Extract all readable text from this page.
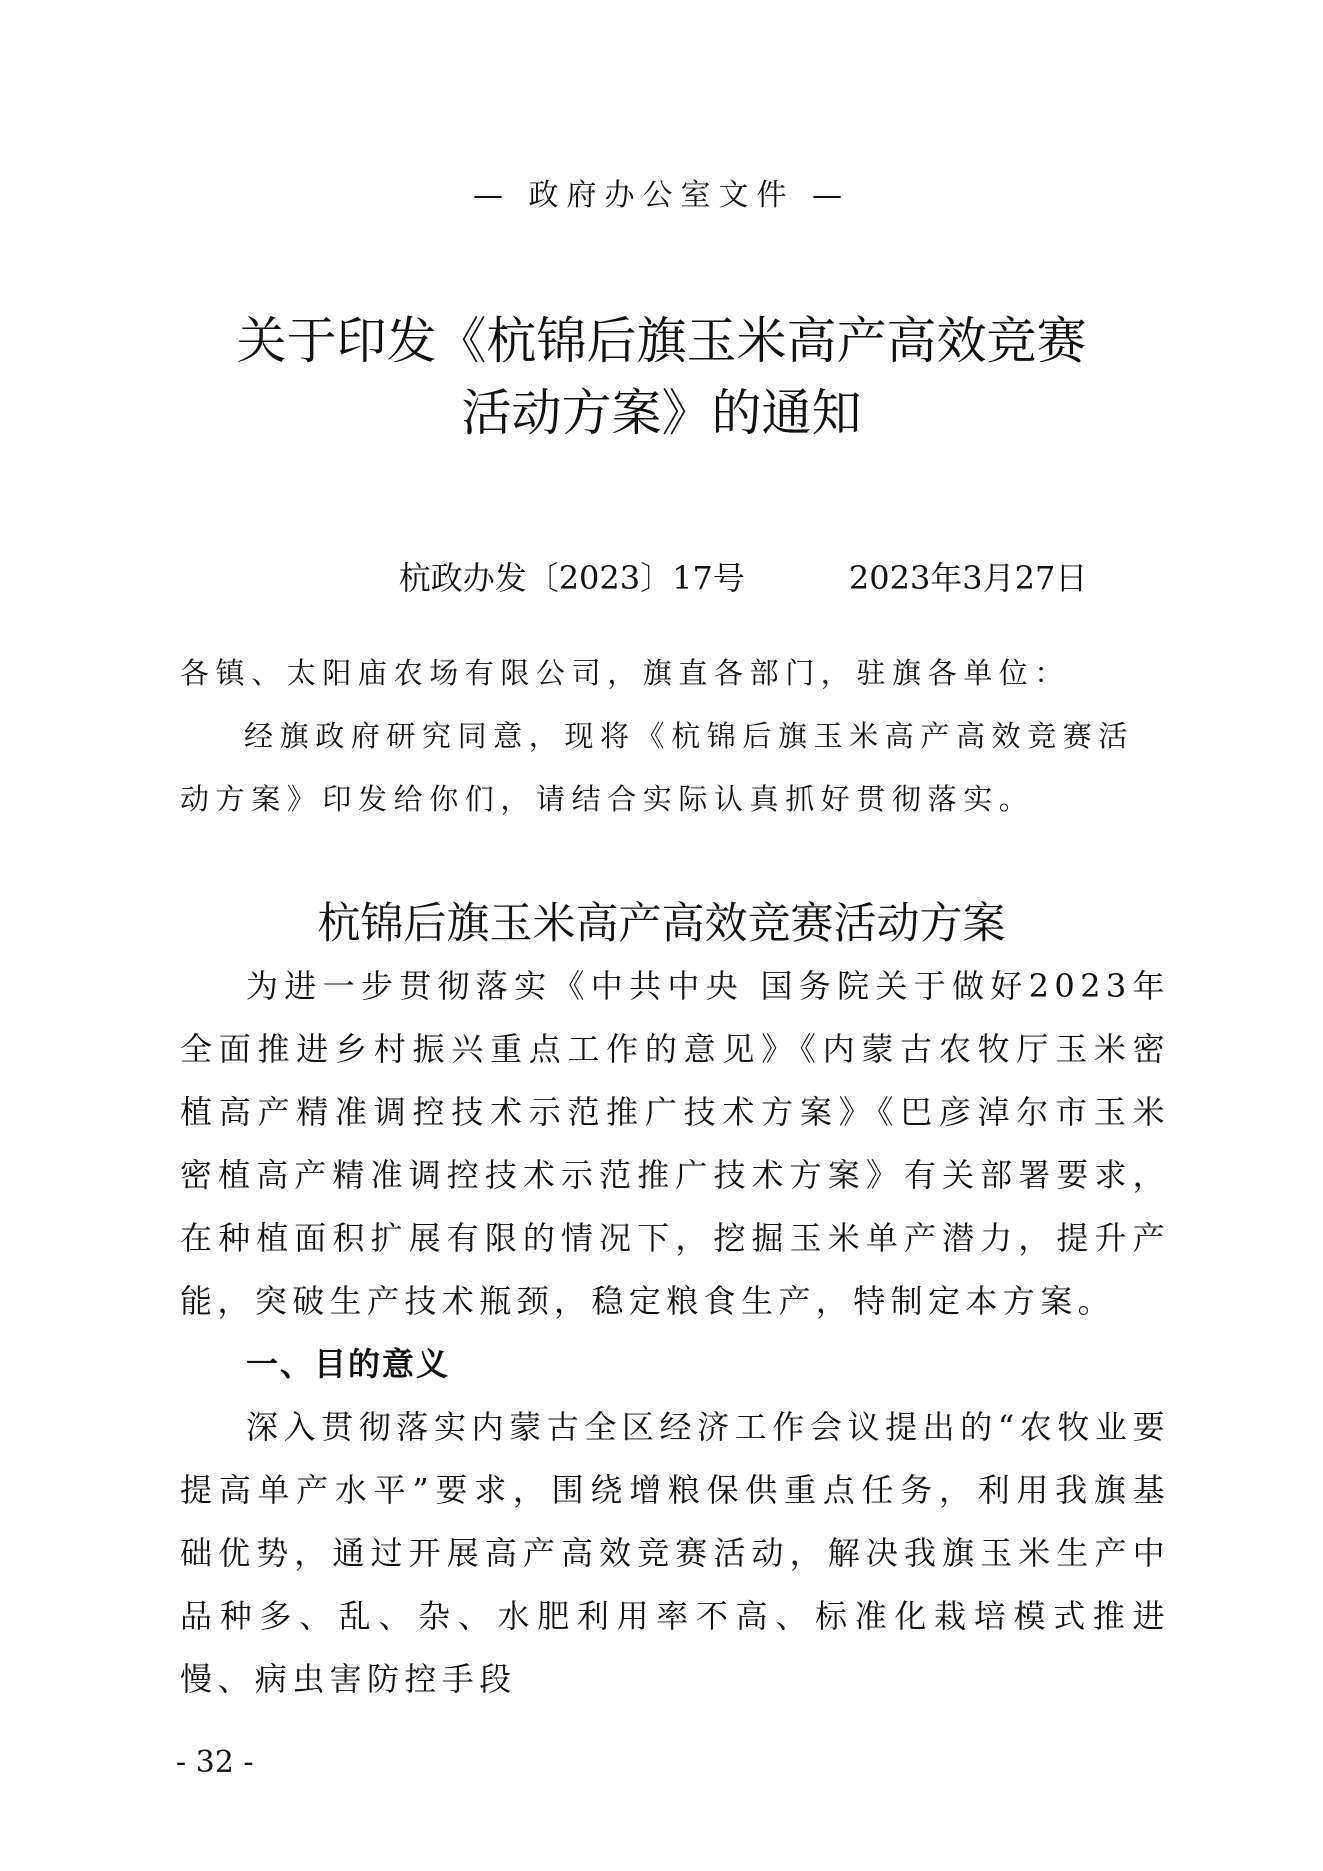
— 政府办公室文件 —
关于印发《杭锦后旗玉米高产高效竞赛
活动方案》的通知

杭政办发〔2023〕17号	2023年3月27日

各镇、太阳庙农场有限公司，旗直各部门，驻旗各单位：
经旗政府研究同意，现将《杭锦后旗玉米高产高效竞赛活动方案》印发给你们，请结合实际认真抓好贯彻落实。
杭锦后旗玉米高产高效竞赛活动方案

为进一步贯彻落实《中共中央 国务院关于做好2023年全面推进乡村振兴重点工作的意见》《内蒙古农牧厅玉米密植高产精准调控技术示范推广技术方案》《巴彦淖尔市玉米密植高产精准调控技术示范推广技术方案》有关部署要求，在种植面积扩展有限的情况下，挖掘玉米单产潜力，提升产能，突破生产技术瓶颈，稳定粮食生产，特制定本方案。

一、目的意义

深入贯彻落实内蒙古全区经济工作会议提出的“农牧业要提高单产水平”要求，围绕增粮保供重点任务，利用我旗基础优势，通过开展高产高效竞赛活动，解决我旗玉米生产中品种多、乱、杂、水肥利用率不高、标准化栽培模式推进慢、病虫害防控手段

- 32 -
